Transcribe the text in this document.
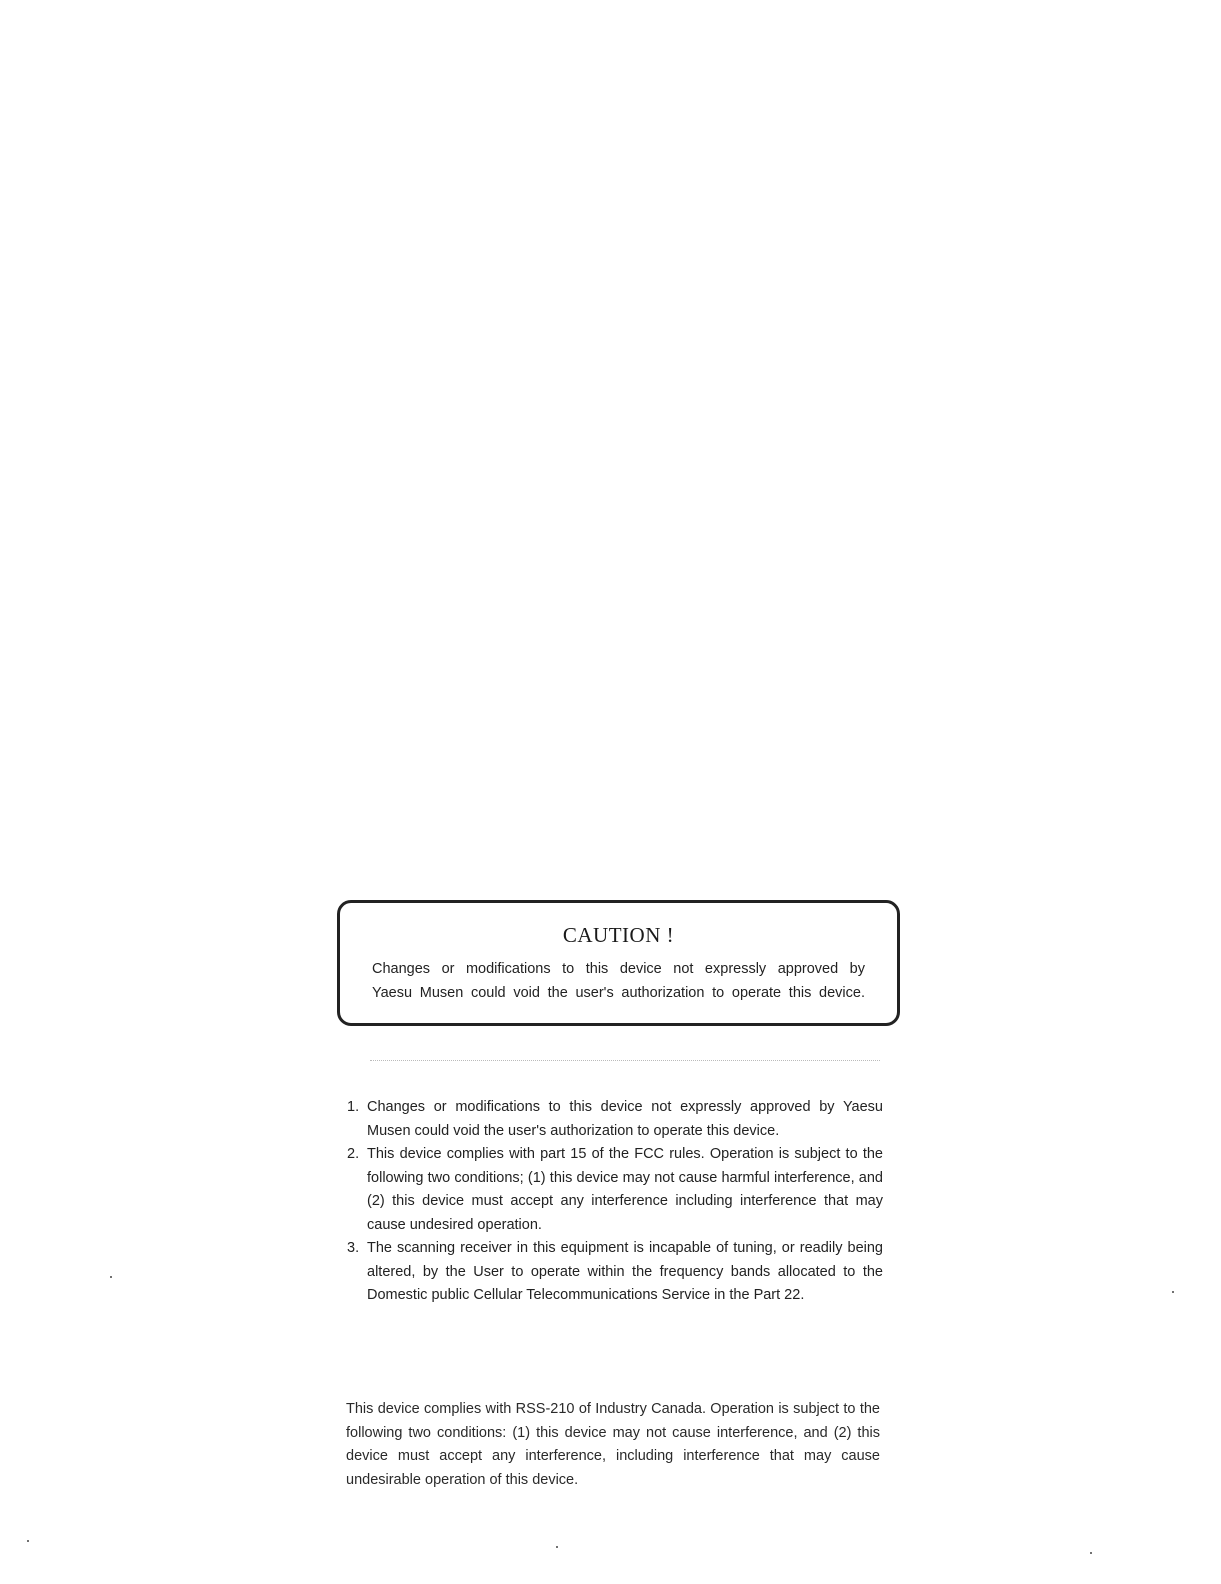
CAUTION !
Changes or modifications to this device not expressly approved by
Yaesu Musen could void the user's authorization to operate this device.
1. Changes or modifications to this device not expressly approved by Yaesu Musen could void the user's authorization to operate this device.
2. This device complies with part 15 of the FCC rules. Operation is subject to the following two conditions; (1) this device may not cause harmful interference, and (2) this device must accept any interference including interference that may cause undesired operation.
3. The scanning receiver in this equipment is incapable of tuning, or readily being altered, by the User to operate within the frequency bands allocated to the Domestic public Cellular Telecommunications Service in the Part 22.

This device complies with RSS-210 of Industry Canada. Operation is subject to the following two conditions: (1) this device may not cause interference, and (2) this device must accept any interference, including interference that may cause undesirable operation of this device.
